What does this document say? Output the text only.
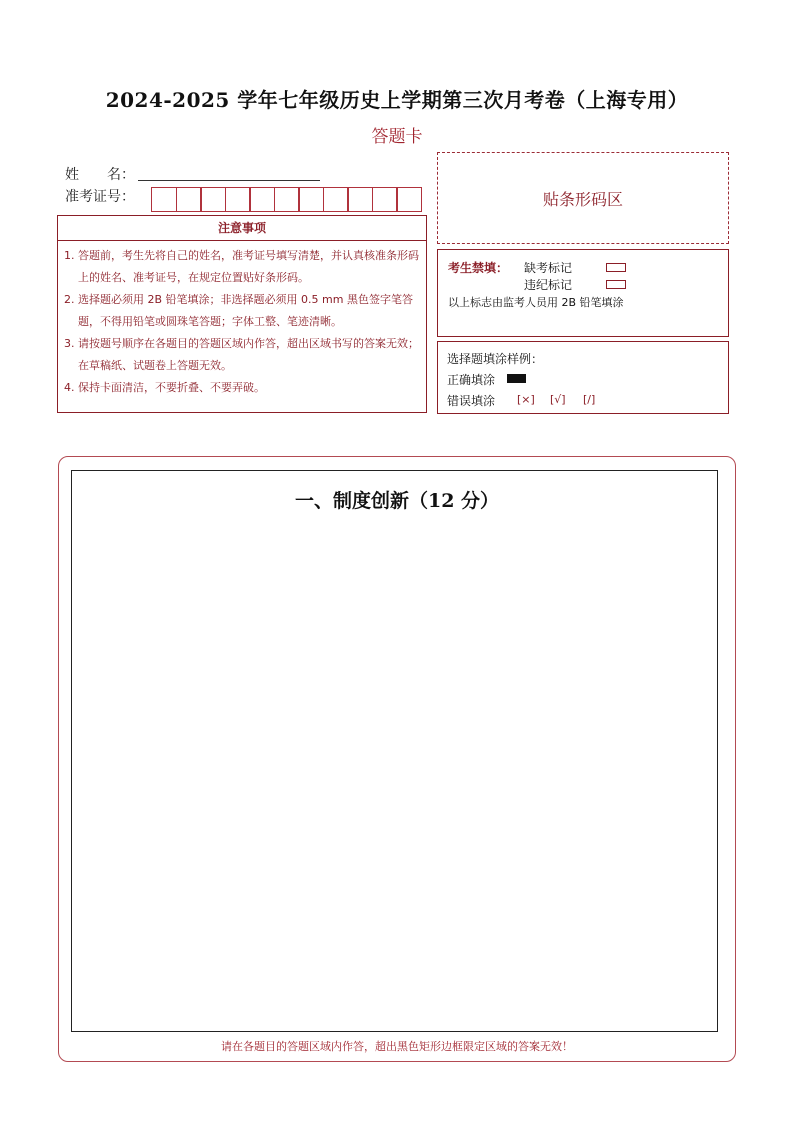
2024-2025 学年七年级历史上学期第三次月考卷（上海专用）
答题卡
姓　　名：
准考证号：
注意事项
1. 答题前，考生先将自己的姓名，准考证号填写清楚，并认真核准条形码上的姓名、准考证号，在规定位置贴好条形码。
2. 选择题必须用 2B 铅笔填涂；非选择题必须用 0.5 mm 黑色签字笔答题，不得用铅笔或圆珠笔答题；字体工整、笔迹清晰。
3. 请按题号顺序在各题目的答题区域内作答，超出区域书写的答案无效；在草稿纸、试题卷上答题无效。
4. 保持卡面清洁，不要折叠、不要弄破。
贴条形码区
考生禁填： 缺考标记
违纪标记
以上标志由监考人员用 2B 铅笔填涂
选择题填涂样例：
正确填涂
错误填涂 [×] [√] [/]
一、制度创新（12 分）
请在各题目的答题区域内作答，超出黑色矩形边框限定区域的答案无效！
